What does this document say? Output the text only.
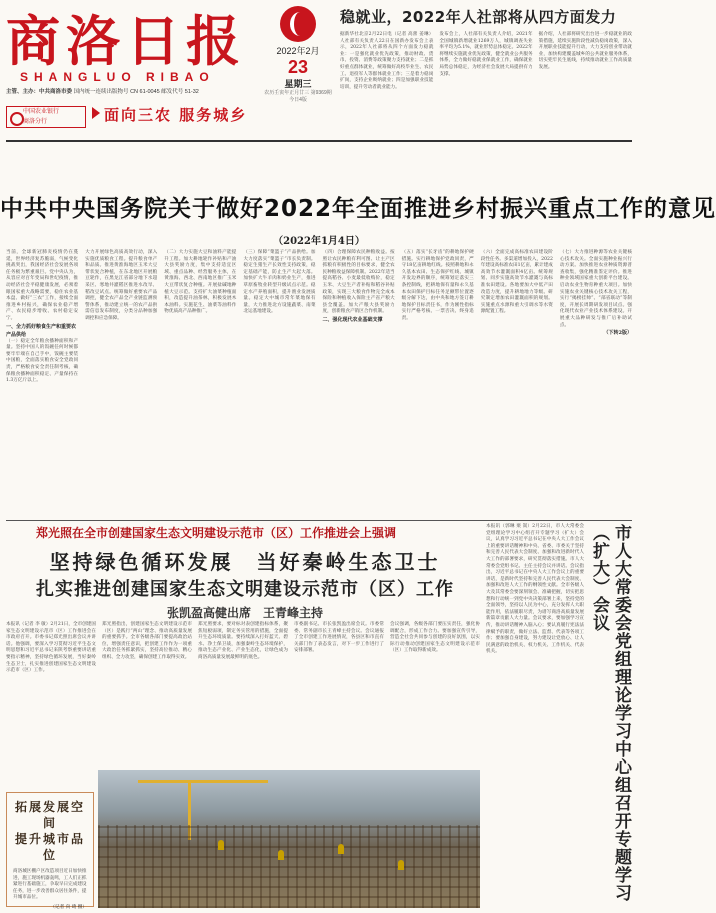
商洛日报
SHANGLUO RIBAO
2022年2月
23
星期三
农历壬寅年正月廿三 第9369期 今日4版
主管、主办：中共商洛市委 国内统一连续出版物号 CN 61-0045 邮发代号 51-32
中国农业银行
商洛分行	面向三农 服务城乡
稳就业，2022年人社部将从四方面发力
据新华社北京2月22日电（记者 高蕾 姜琳）人社部有关负责人22日在国新办发布会上表示，2022年人社部将从四个方面发力稳就业：一是强化就业优先政策，推动财政、货币、投资、消费等政策聚力支持就业；二是抓好重点群体就业，统筹做好高校毕业生、农民工、退役军人等群体就业工作；三是着力稳岗扩岗，支持企业吸纳就业；四是加强职业技能培训，提升劳动者就业能力。
发布会上，人社部有关负责人介绍，2021年全国城镇新增就业1269万人，城镇调查失业率平均为5.1%，就业形势总体稳定。2022年将继续实施就业优先政策，健全就业公共服务体系，全力做好稳就业保就业工作，确保就业局势总体稳定，为经济社会发展大局提供有力支撑。
据介绍，人社部将研究出台进一步稳就业的政策措施，延续实施阶段性减负稳岗政策，深入开展职业技能提升行动，大力支持创业带动就业，加快构建覆盖城乡的公共就业服务体系，切实兜牢民生底线，持续推动就业工作高质量发展。
中共中央国务院关于做好2022年全面推进乡村振兴重点工作的意见
（2022年1月4日）
当前，全球新冠肺炎疫情仍在蔓延，世界经济复苏脆弱，气候变化挑战突出，我国经济社会发展各项任务极为繁重艰巨。党中央认为，从容应对百年变局和世纪疫情，推动经济社会平稳健康发展，必须着眼国家重大战略需要，稳住农业基本盘、做好“三农”工作，接续全面推进乡村振兴，确保农业稳产增产、农民稳步增收、农村稳定安宁。
一、全力抓好粮食生产和重要农产品供给
（一）稳定全年粮食播种面积和产量。坚持中国人的饭碗任何时候都要牢牢端在自己手中，饭碗主要装中国粮，全面落实粮食安全党政同责，严格粮食安全责任制考核，确保粮食播种面积稳定、产量保持在1.3万亿斤以上。
大力开展绿色高质高效行动，深入实施优质粮食工程。提升粮食单产和品质。推进黄淮海地区玉米大豆带状复合种植，在东北地区开展粮豆轮作，在黑龙江省部分地下水超采区、寒地井灌稻区推进水改旱、稻改豆试点。统筹做好重要农产品调控，健全农产品全产业链监测预警体系，推动建立统一的农产品供需信息发布制度，分类分品种加强调控和应急保障。
（二）大力实施大豆和油料产能提升工程。加大耕地轮作补贴和产油大县奖励力度，集中支持适宜区域、重点品种、经营服务主体，在黄淮海、西北、西南地区推广玉米大豆带状复合种植。开展盐碱地种植大豆示范。支持扩大油菜种植面积，改造提升油茶林，积极发展木本油料。实施花生、油菜等油料作物优质高产品种推广。
（三）保障“菜篮子”产品供给。加大力度落实“菜篮子”市长负责制。稳定生猪生产长效性支持政策，稳定基础产能，防止生产大起大落。加快扩大牛羊肉和奶业生产，推进草原畜牧业转型升级试点示范。稳定水产养殖面积，提升渔业发展质量。稳定大中城市常年菜地保有量，大力推进北方设施蔬菜、南菜北运基地建设。
（四）合理保障农民种粮收益。按照让农民种粮有利可图、让主产区抓粮有积极性的目标要求，健全农民种粮收益保障机制。2022年适当提高稻谷、小麦最低收购价，稳定玉米、大豆生产者补贴和稻谷补贴政策，实现三大粮食作物完全成本保险和种植收入保险主产省产粮大县全覆盖。加大产粮大县奖励力度，创新粮食产销区合作机制。
二、强化现代农业基础支撑
（五）落实“长牙齿”的耕地保护硬措施。实行耕地保护党政同责，严守18亿亩耕地红线。按照耕地和永久基本农田、生态保护红线、城镇开发边界的顺序，统筹划定落实三条控制线，把耕地保有量和永久基本农田保护目标任务足额带位置逐级分解下达，由中央和地方签订耕地保护目标责任书，作为刚性指标实行严格考核、一票否决、终身追责。
（六）全面完成高标准农田建设阶段性任务。多渠道增加投入，2022年建设高标准农田1亿亩，累计建成高效节水灌溉面积4亿亩。统筹规划、同步实施高效节水灌溉与高标准农田建设。各地要加大中低产田改造力度，提升耕地地力等级。研究制定增加农田灌溉面积的规划。实施重点水源和重大引调水等水资源配置工程。
（七）大力推进种源等农业关键核心技术攻关。全面实施种业振兴行动方案。加快推进农业种质资源普查收集，强化精准鉴定评价。推进种业领域国家重大创新平台建设。启动农业生物育种重大项目。加快实施农业关键核心技术攻关工程，实行“揭榜挂帅”、“部省联动”等制度，开展长周期研发项目试点。强化现代农业产业技术体系建设。开展重大品种研发与推广后补助试点。
（下转2版）
郑光照在全市创建国家生态文明建设示范市（区）工作推进会上强调
坚持绿色循环发展　当好秦岭生态卫士
扎实推进创建国家生态文明建设示范市（区）工作
张凯盈高健出席　王青峰主持
本报讯（记者 李 敏）2月21日，全市创建国家生态文明建设示范市（区）工作推进会在市政府召开。市委书记郑光照出席会议并讲话。他强调，要深入学习贯彻习近平生态文明思想和习近平总书记来陕考察重要讲话重要指示精神，坚持绿色循环发展，当好秦岭生态卫士，扎实推进创建国家生态文明建设示范市（区）工作。
郑光照指出，创建国家生态文明建设示范市（区）是践行“两山”理念、推动高质量发展的重要抓手。全市各级各部门要提高政治站位，增强责任意识，把创建工作作为一项重大政治任务抓紧抓实，坚持高位推动、精心组织、全力攻坚，确保创建工作取得实效。
郑光照要求，要对标对表创建指标体系，聚焦短板弱项，制定务实管用的措施，全面提升生态环境质量。要持续深入打好蓝天、碧水、净土保卫战，加强秦岭生态环境保护，推动生态产业化、产业生态化，让绿色成为商洛高质量发展最鲜明的底色。
市委副书记、市长张凯盈出席会议。市委常委、常务副市长王青峰主持会议。会议通报了全市创建工作进展情况，各县区和市直有关部门作了表态发言，对下一步工作进行了安排部署。
会议强调，各级各部门要压实责任，强化协调配合，形成工作合力。要加强宣传引导，营造全社会共同参与创建的良好氛围，以实际行动推动创建国家生态文明建设示范市（区）工作取得新成效。
拓展发展空间
提升城市品位
商洛城区棚户区改造项目近日加快推进，施工现场机器轰鸣，工人们正抓紧进行基础施工，争取早日完成建设任务，进一步改善群众居住条件，提升城市品位。
（记者 向 琦 摄）
本报讯（郭琳 栗 嵩）2月22日，市人大常委会党组理论学习中心组召开专题学习（扩大）会议，认真学习习近平总书记在中央人大工作会议上的重要讲话精神和中央、省委、市委关于坚持和完善人民代表大会制度、加强和改进新时代人大工作的部署要求，研究贯彻落实措施。市人大常委会党组书记、主任主持会议并讲话。会议指出，习近平总书记在中央人大工作会议上的重要讲话，是新时代坚持和完善人民代表大会制度、加强和改进人大工作的纲领性文献。全市各级人大及其常委会要深刻领会、准确把握，切实把思想和行动统一到党中央决策部署上来，坚持党的全面领导，坚持以人民为中心，充分发挥人大职能作用，依法履职尽责，为谱写商洛高质量发展新篇章贡献人大力量。会议要求，要加强学习宣传，推动讲话精神入脑入心；要认真履行宪法法律赋予的职责，做好立法、监督、代表等各项工作；要加强自身建设，努力建设让党放心、让人民满意的政治机关、权力机关、工作机关、代表机关。	市人大常委会党组理论学习中心组召开专题学习（扩大）会议
